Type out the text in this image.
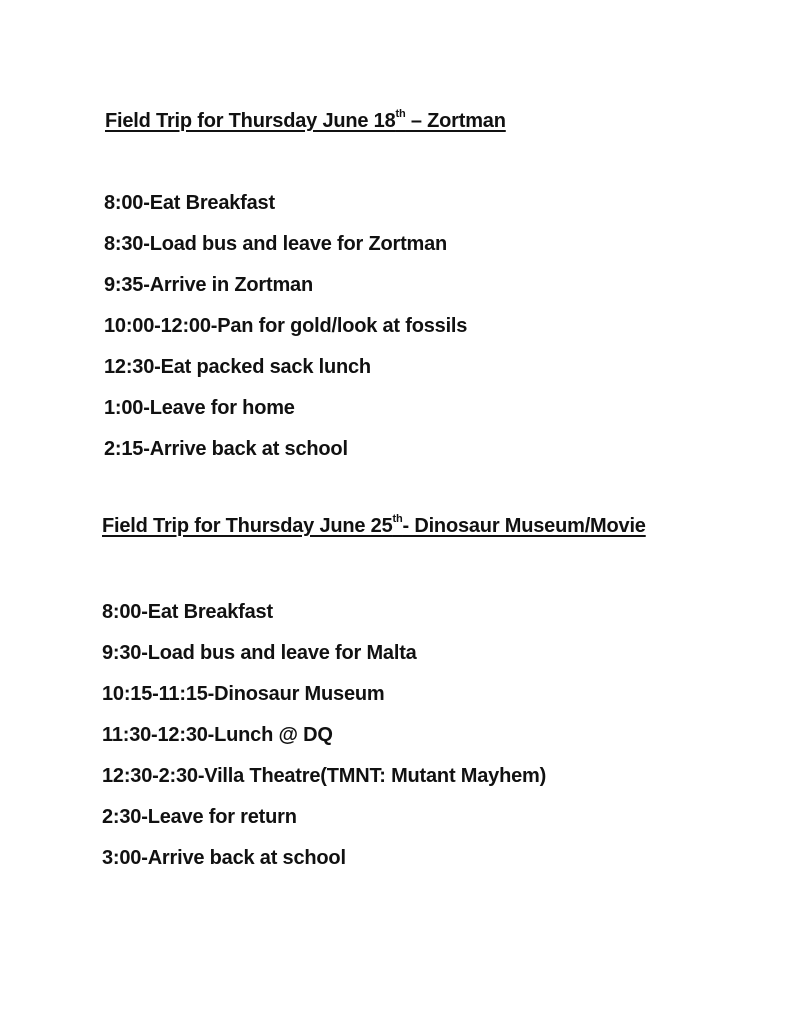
Field Trip for Thursday June 18th – Zortman
8:00-Eat Breakfast
8:30-Load bus and leave for Zortman
9:35-Arrive in Zortman
10:00-12:00-Pan for gold/look at fossils
12:30-Eat packed sack lunch
1:00-Leave for home
2:15-Arrive back at school
Field Trip for Thursday June 25th- Dinosaur Museum/Movie
8:00-Eat Breakfast
9:30-Load bus and leave for Malta
10:15-11:15-Dinosaur Museum
11:30-12:30-Lunch @ DQ
12:30-2:30-Villa Theatre(TMNT: Mutant Mayhem)
2:30-Leave for return
3:00-Arrive back at school
